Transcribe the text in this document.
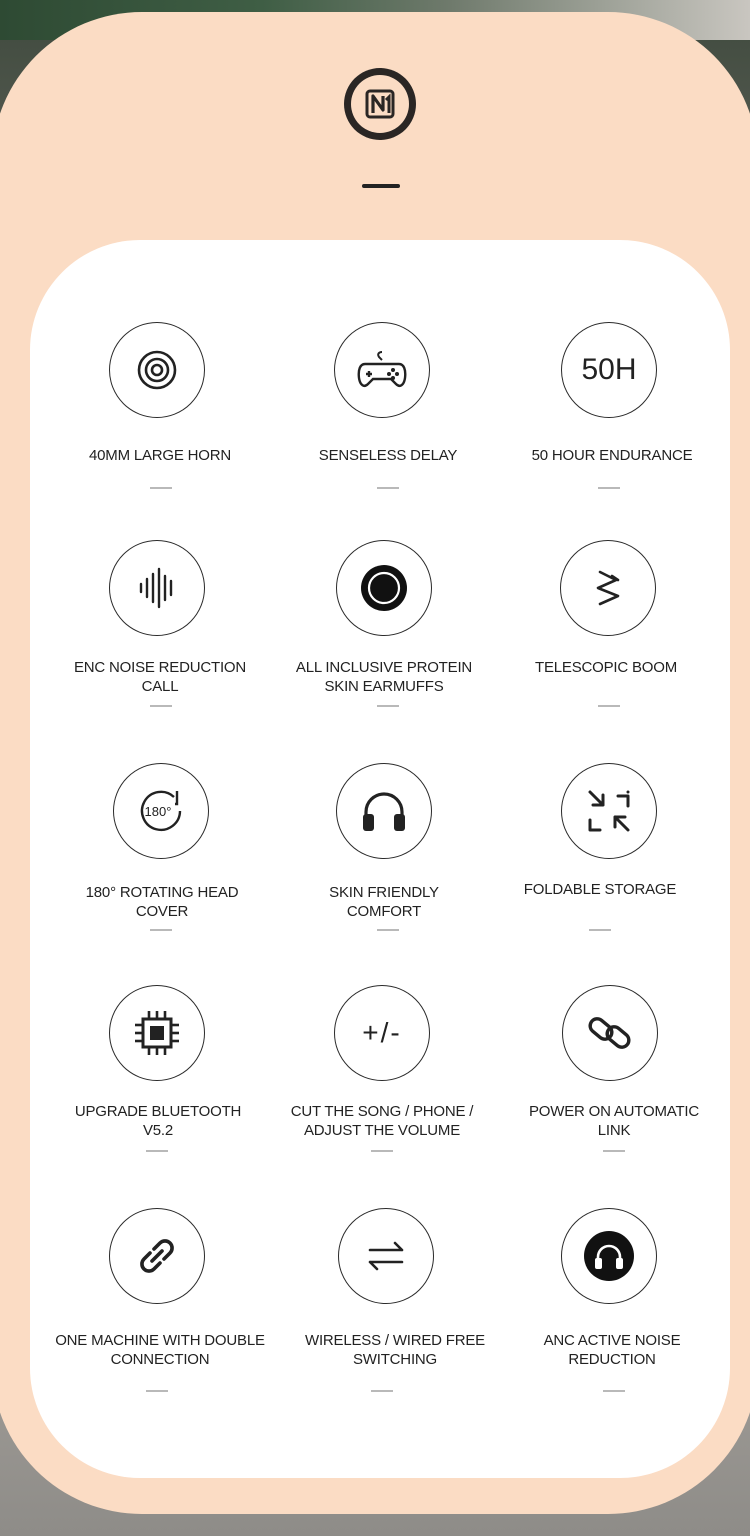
40MM LARGE HORN	SENSELESS DELAY
50H
50 HOUR ENDURANCE
ENC NOISE REDUCTION
CALL
ALL INCLUSIVE PROTEIN
SKIN EARMUFFS
TELESCOPIC BOOM
180°
180° ROTATING HEAD
COVER
SKIN FRIENDLY
COMFORT
FOLDABLE STORAGE
UPGRADE BLUETOOTH
V5.2
+/-
CUT THE SONG / PHONE /
ADJUST THE VOLUME
POWER ON AUTOMATIC
LINK
ONE MACHINE WITH DOUBLE
CONNECTION
WIRELESS / WIRED FREE
SWITCHING
ANC ACTIVE NOISE
REDUCTION
